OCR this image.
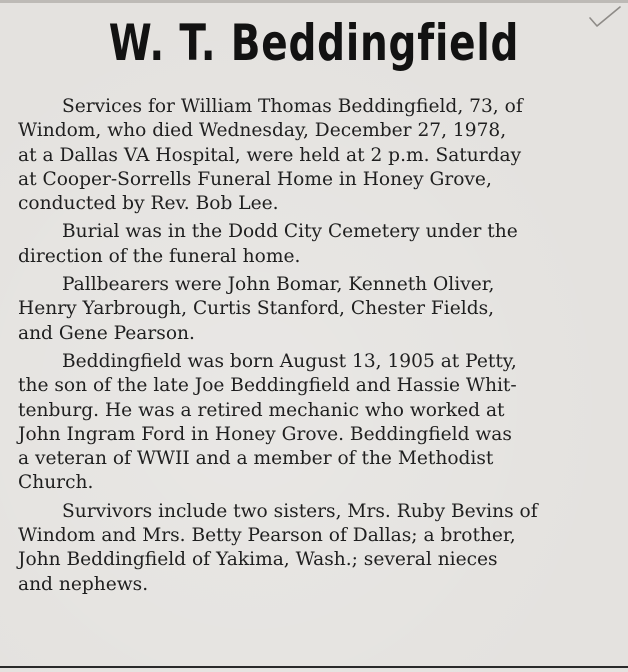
W. T. Beddingfield

Services for William Thomas Beddingfield, 73, of
Windom, who died Wednesday, December 27, 1978,
at a Dallas VA Hospital, were held at 2 p.m. Saturday
at Cooper-Sorrells Funeral Home in Honey Grove,
conducted by Rev. Bob Lee.

Burial was in the Dodd City Cemetery under the
direction of the funeral home.

Pallbearers were John Bomar, Kenneth Oliver,
Henry Yarbrough, Curtis Stanford, Chester Fields,
and Gene Pearson.

Beddingfield was born August 13, 1905 at Petty,
the son of the late Joe Beddingfield and Hassie Whit-
tenburg. He was a retired mechanic who worked at
John Ingram Ford in Honey Grove. Beddingfield was
a veteran of WWII and a member of the Methodist
Church.

Survivors include two sisters, Mrs. Ruby Bevins of
Windom and Mrs. Betty Pearson of Dallas; a brother,
John Beddingfield of Yakima, Wash.; several nieces
and nephews.
